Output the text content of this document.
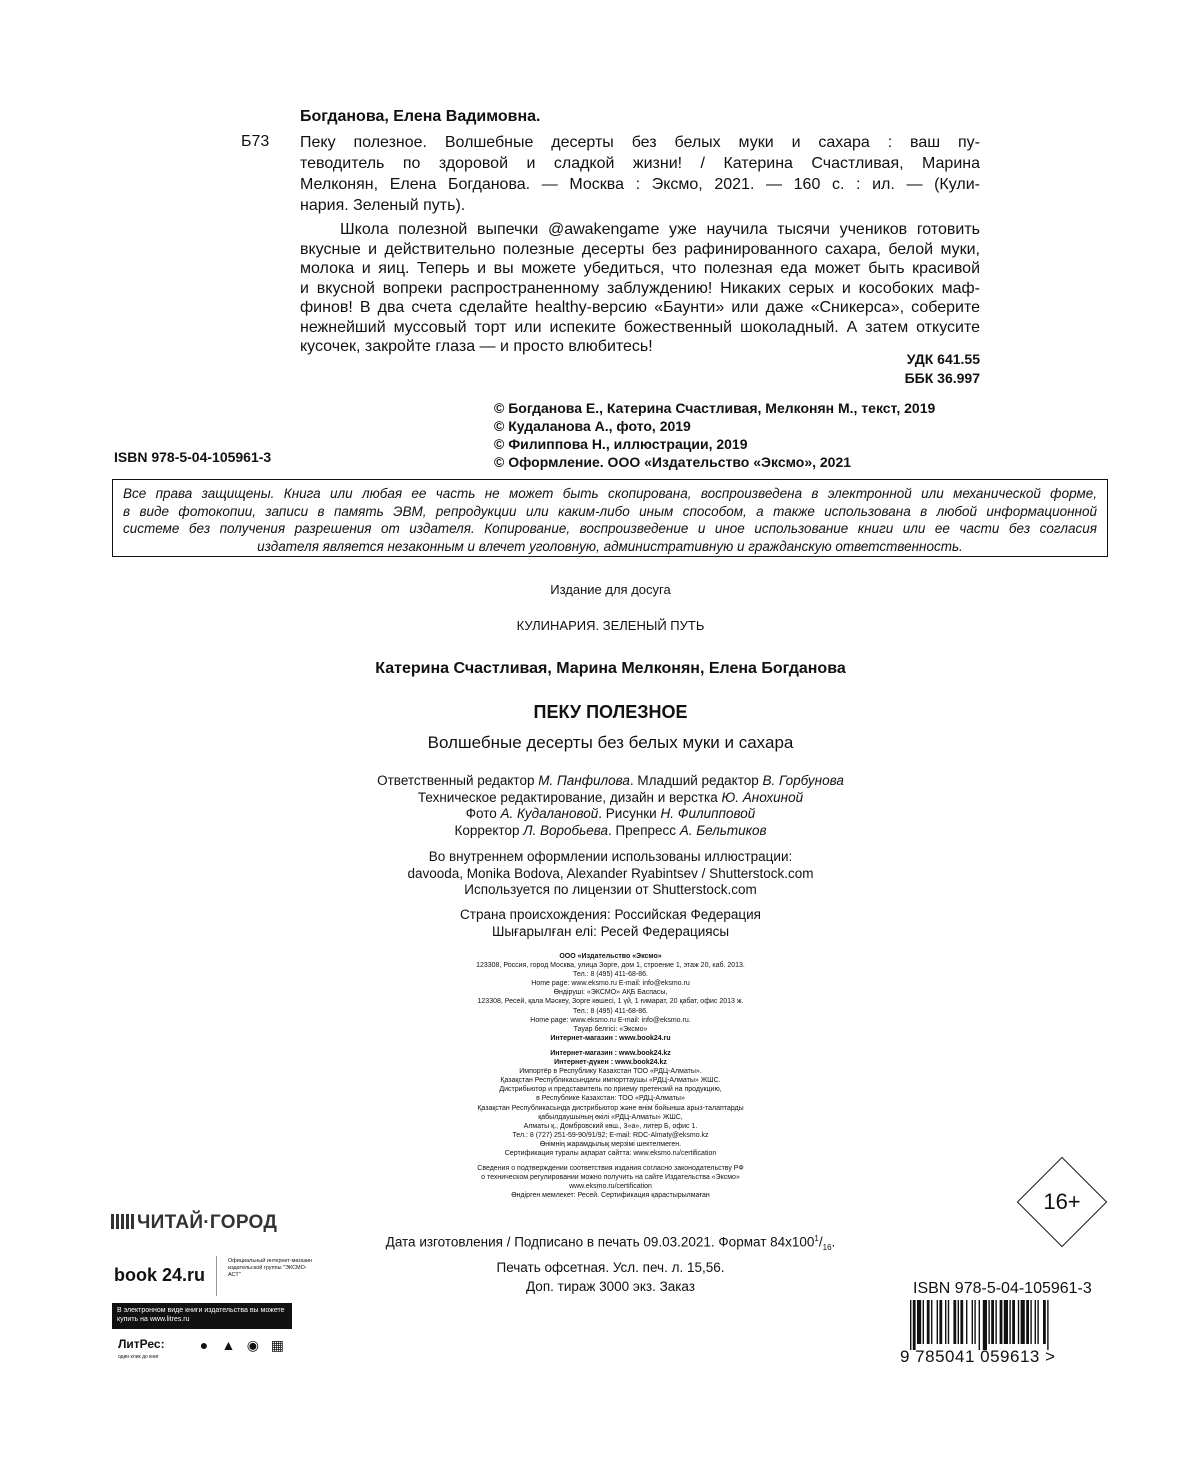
Богданова, Елена Вадимовна.
Б73 Пеку полезное. Волшебные десерты без белых муки и сахара : ваш пу-
теводитель по здоровой и сладкой жизни! / Катерина Счастливая, Марина
Мелконян, Елена Богданова. — Москва : Эксмо, 2021. — 160 с. : ил. — (Кули-
нария. Зеленый путь).
Школа полезной выпечки @awakengame уже научила тысячи учеников готовить
вкусные и действительно полезные десерты без рафинированного сахара, белой муки,
молока и яиц. Теперь и вы можете убедиться, что полезная еда может быть красивой
и вкусной вопреки распространенному заблуждению! Никаких серых и кособоких маф-
финов! В два счета сделайте healthy-версию «Баунти» или даже «Сникерса», соберите
нежнейший муссовый торт или испеките божественный шоколадный. А затем откусите
кусочек, закройте глаза — и просто влюбитесь!
УДК 641.55
ББК 36.997
© Богданова Е., Катерина Счастливая, Мелконян М., текст, 2019
© Кудаланова А., фото, 2019
© Филиппова Н., иллюстрации, 2019
© Оформление. ООО «Издательство «Эксмо», 2021
ISBN 978-5-04-105961-3
Все права защищены. Книга или любая ее часть не может быть скопирована, воспроизведена в электронной или механической форме,
в виде фотокопии, записи в память ЭВМ, репродукции или каким-либо иным способом, а также использована в любой информационной
системе без получения разрешения от издателя. Копирование, воспроизведение и иное использование книги или ее части без согласия
издателя является незаконным и влечет уголовную, административную и гражданскую ответственность.
Издание для досуга
КУЛИНАРИЯ. ЗЕЛЕНЫЙ ПУТЬ
Катерина Счастливая, Марина Мелконян, Елена Богданова
ПЕКУ ПОЛЕЗНОЕ
Волшебные десерты без белых муки и сахара
Ответственный редактор М. Панфилова. Младший редактор В. Горбунова
Техническое редактирование, дизайн и верстка Ю. Анохиной
Фото А. Кудалановой. Рисунки Н. Филипповой
Корректор Л. Воробьева. Препресс А. Бельтиков
Во внутреннем оформлении использованы иллюстрации:
davooda, Monika Bodova, Alexander Ryabintsev / Shutterstock.com
Используется по лицензии от Shutterstock.com
Страна происхождения: Российская Федерация
Шығарылған елі: Ресей Федерациясы
ООО «Издательство «Эксмо»
123308, Россия, город Москва, улица Зорге, дом 1, строение 1, этаж 20, каб. 2013.
Тел.: 8 (495) 411-68-86.
Home page: www.eksmo.ru E-mail: info@eksmo.ru
Өндіруші: «ЭКСМО» АҚБ Баспасы,
123308, Ресей, қала Мәскеу, Зорге көшесі, 1 үй, 1 ғимарат, 20 қабат, офис 2013 ж.
Тел.: 8 (495) 411-68-86.
Home page: www.eksmo.ru E-mail: info@eksmo.ru.
Тауар белгісі: «Эксмо»
Интернет-магазин : www.book24.ru
Интернет-магазин : www.book24.kz
Интернет-дүкен : www.book24.kz
Импортёр в Республику Казахстан ТОО «РДЦ-Алматы».
Қазақстан Республикасындағы импорттаушы «РДЦ-Алматы» ЖШС.
Дистрибьютор и представитель по приему претензий на продукцию,
в Республике Казахстан: ТОО «РДЦ-Алматы»
Қазақстан Республикасында дистрибьютор және өнім бойынша арыз-талаптарды
қабылдаушының өкілі «РДЦ-Алматы» ЖШС,
Алматы қ., Домбровский көш., 3«а», литер Б, офис 1.
Тел.: 8 (727) 251-59-90/91/92; E-mail: RDC-Almaty@eksmo.kz
Өнімнің жарамдылық мерзімі шектелмеген.
Сертификация туралы ақпарат сайтта: www.eksmo.ru/certification
Сведения о подтверждении соответствия издания согласно законодательству РФ
о техническом регулировании можно получить на сайте Издательства «Эксмо»
www.eksmo.ru/certification
Өндірген мемлекет: Ресей. Сертификация қарастырылмаған
Дата изготовления / Подписано в печать 09.03.2021. Формат $84x100^1/_{16}$.
Печать офсетная. Усл. печ. л. 15,56.
Доп. тираж 3000 экз. Заказ
16+
ЧИТАЙ·ГОРОД
book 24.ru
Официальный интернет-магазин издательской группы "ЭКСМО-АСТ"
В электронном виде книги издательства вы можете купить на www.litres.ru
ЛитРес:
один клик до книг
● ▲ ◉ ▦
ISBN 978-5-04-105961-3
9 785041 059613 >
